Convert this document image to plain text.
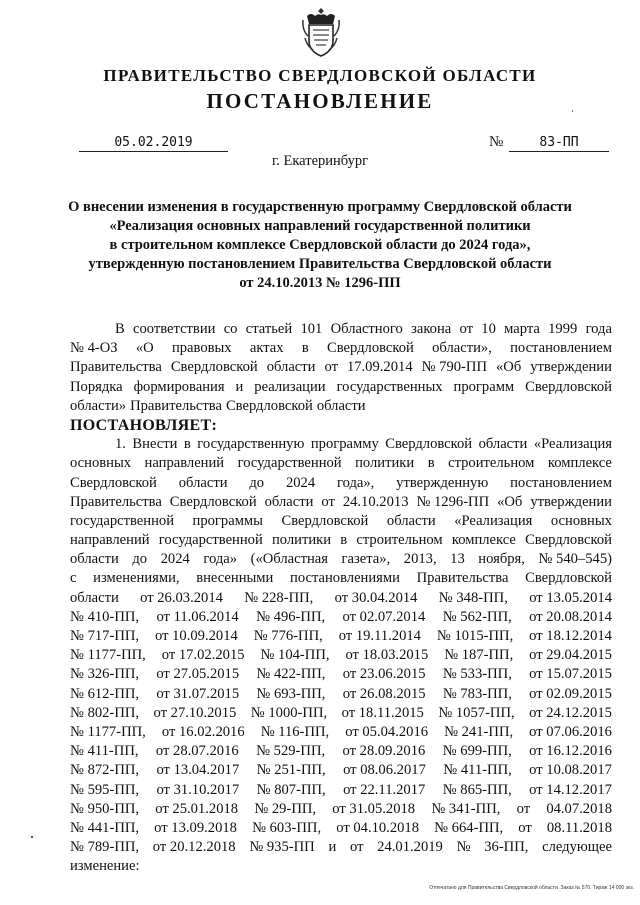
ПРАВИТЕЛЬСТВО СВЕРДЛОВСКОЙ ОБЛАСТИ
ПОСТАНОВЛЕНИЕ
05.02.2019	№	83-ПП
г. Екатеринбург
О внесении изменения в государственную программу Свердловской области
«Реализация основных направлений государственной политики
в строительном комплексе Свердловской области до 2024 года»,
утвержденную постановлением Правительства Свердловской области
от 24.10.2013 № 1296-ПП
В соответствии со статьей 101 Областного закона от 10 марта 1999 года
№ 4-ОЗ «О правовых актах в Свердловской области», постановлением
Правительства Свердловской области от 17.09.2014 № 790-ПП «Об утверждении
Порядка формирования и реализации государственных программ Свердловской
области» Правительства Свердловской области
ПОСТАНОВЛЯЕТ:
1. Внести в государственную программу Свердловской области «Реализация
основных направлений государственной политики в строительном комплексе
Свердловской области до 2024 года», утвержденную постановлением
Правительства Свердловской области от 24.10.2013 № 1296-ПП «Об утверждении
государственной программы Свердловской области «Реализация основных
направлений государственной политики в строительном комплексе Свердловской
области до 2024 года» («Областная газета», 2013, 13 ноября, № 540–545)
с изменениями, внесенными постановлениями Правительства Свердловской
области от 26.03.2014 № 228-ПП, от 30.04.2014 № 348-ПП, от 13.05.2014
№ 410-ПП, от 11.06.2014 № 496-ПП, от 02.07.2014 № 562-ПП, от 20.08.2014
№ 717-ПП, от 10.09.2014 № 776-ПП, от 19.11.2014 № 1015-ПП, от 18.12.2014
№ 1177-ПП, от 17.02.2015 № 104-ПП, от 18.03.2015 № 187-ПП, от 29.04.2015
№ 326-ПП, от 27.05.2015 № 422-ПП, от 23.06.2015 № 533-ПП, от 15.07.2015
№ 612-ПП, от 31.07.2015 № 693-ПП, от 26.08.2015 № 783-ПП, от 02.09.2015
№ 802-ПП, от 27.10.2015 № 1000-ПП, от 18.11.2015 № 1057-ПП, от 24.12.2015
№ 1177-ПП, от 16.02.2016 № 116-ПП, от 05.04.2016 № 241-ПП, от 07.06.2016
№ 411-ПП, от 28.07.2016 № 529-ПП, от 28.09.2016 № 699-ПП, от 16.12.2016
№ 872-ПП, от 13.04.2017 № 251-ПП, от 08.06.2017 № 411-ПП, от 10.08.2017
№ 595-ПП, от 31.10.2017 № 807-ПП, от 22.11.2017 № 865-ПП, от 14.12.2017
№ 950-ПП, от 25.01.2018 № 29-ПП, от 31.05.2018 № 341-ПП, от 04.07.2018
№ 441-ПП, от 13.09.2018 № 603-ПП, от 04.10.2018 № 664-ПП, от 08.11.2018
№ 789-ПП, от 20.12.2018 № 935-ПП и от 24.01.2019 № 36-ПП, следующее
изменение:
Отпечатано для Правительства Свердловской области. Заказ № 570. Тираж 14 000 экз.
